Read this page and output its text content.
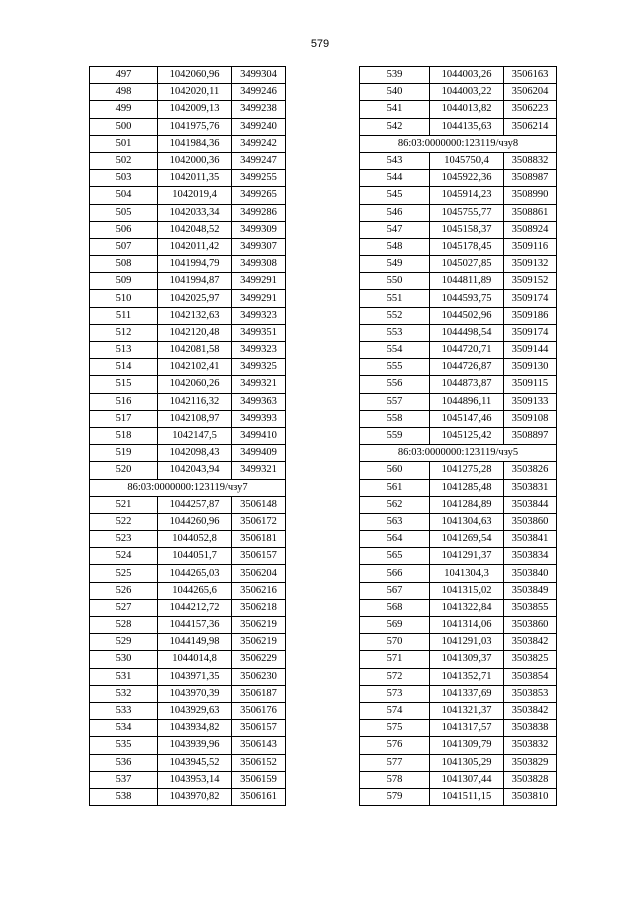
579
497	1042060,96	3499304
498	1042020,11	3499246
499	1042009,13	3499238
500	1041975,76	3499240
501	1041984,36	3499242
502	1042000,36	3499247
503	1042011,35	3499255
504	1042019,4	3499265
505	1042033,34	3499286
506	1042048,52	3499309
507	1042011,42	3499307
508	1041994,79	3499308
509	1041994,87	3499291
510	1042025,97	3499291
511	1042132,63	3499323
512	1042120,48	3499351
513	1042081,58	3499323
514	1042102,41	3499325
515	1042060,26	3499321
516	1042116,32	3499363
517	1042108,97	3499393
518	1042147,5	3499410
519	1042098,43	3499409
520	1042043,94	3499321
86:03:0000000:123119/чзу7		
521	1044257,87	3506148
522	1044260,96	3506172
523	1044052,8	3506181
524	1044051,7	3506157
525	1044265,03	3506204
526	1044265,6	3506216
527	1044212,72	3506218
528	1044157,36	3506219
529	1044149,98	3506219
530	1044014,8	3506229
531	1043971,35	3506230
532	1043970,39	3506187
533	1043929,63	3506176
534	1043934,82	3506157
535	1043939,96	3506143
536	1043945,52	3506152
537	1043953,14	3506159
538	1043970,82	3506161
539	1044003,26	3506163
540	1044003,22	3506204
541	1044013,82	3506223
542	1044135,63	3506214
86:03:0000000:123119/чзу8		
543	1045750,4	3508832
544	1045922,36	3508987
545	1045914,23	3508990
546	1045755,77	3508861
547	1045158,37	3508924
548	1045178,45	3509116
549	1045027,85	3509132
550	1044811,89	3509152
551	1044593,75	3509174
552	1044502,96	3509186
553	1044498,54	3509174
554	1044720,71	3509144
555	1044726,87	3509130
556	1044873,87	3509115
557	1044896,11	3509133
558	1045147,46	3509108
559	1045125,42	3508897
86:03:0000000:123119/чзу5		
560	1041275,28	3503826
561	1041285,48	3503831
562	1041284,89	3503844
563	1041304,63	3503860
564	1041269,54	3503841
565	1041291,37	3503834
566	1041304,3	3503840
567	1041315,02	3503849
568	1041322,84	3503855
569	1041314,06	3503860
570	1041291,03	3503842
571	1041309,37	3503825
572	1041352,71	3503854
573	1041337,69	3503853
574	1041321,37	3503842
575	1041317,57	3503838
576	1041309,79	3503832
577	1041305,29	3503829
578	1041307,44	3503828
579	1041511,15	3503810
